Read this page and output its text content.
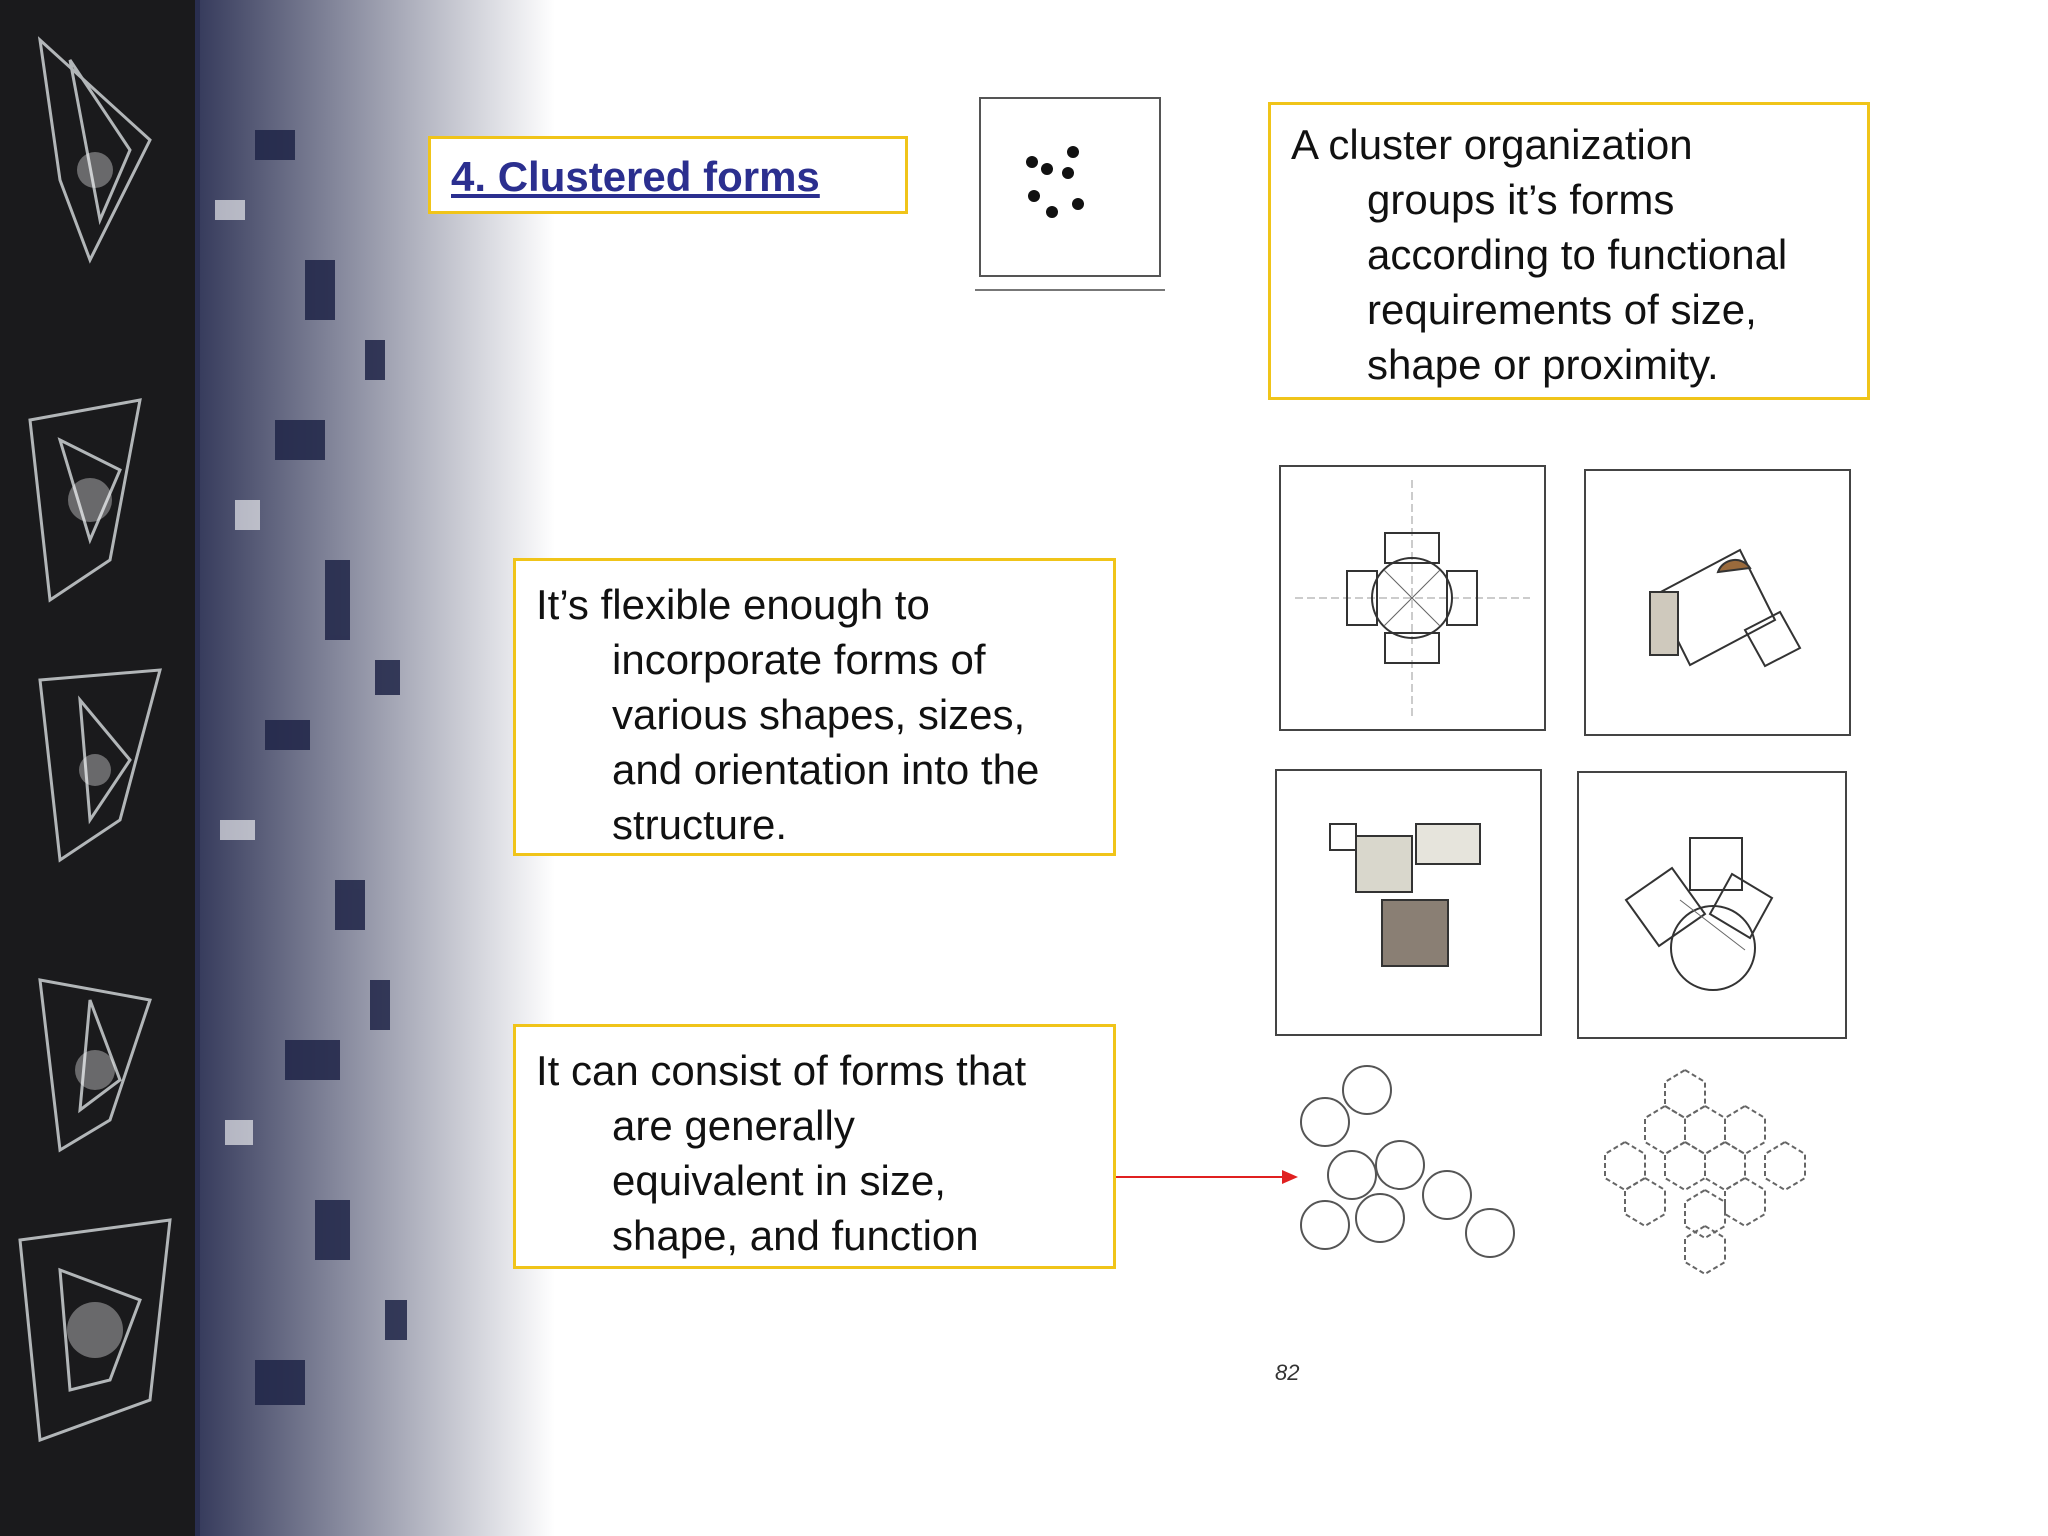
4. Clustered forms

A cluster organization

groups it’s forms

according to functional

requirements of size,

shape or proximity.

It’s flexible enough to

incorporate forms of

various shapes, sizes,

and orientation into the

structure.

It can consist of forms that

are generally

equivalent in size,

shape, and function

82
